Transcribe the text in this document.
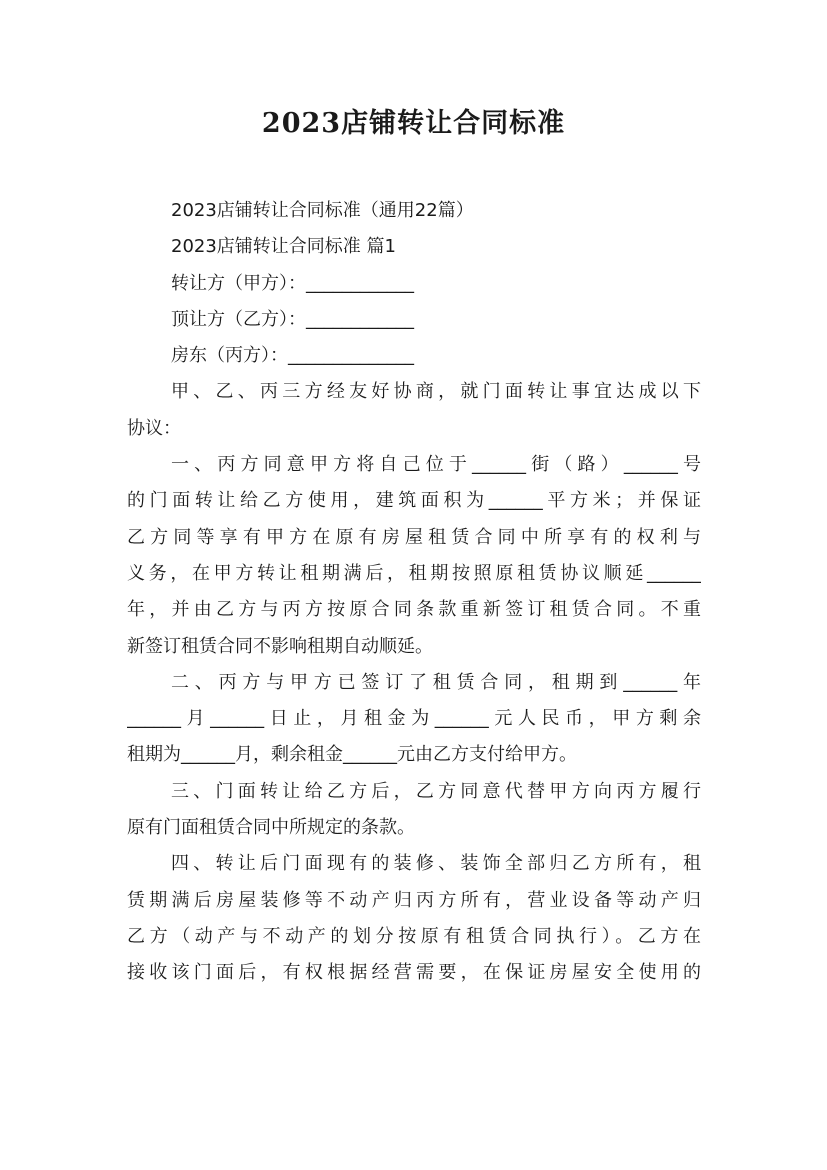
2023店铺转让合同标准
2023店铺转让合同标准（通用22篇）
2023店铺转让合同标准 篇1
转让方（甲方）：____________
顶让方（乙方）：____________
房东（丙方）：______________
甲、乙、丙三方经友好协商，就门面转让事宜达成以下
协议：
一、丙方同意甲方将自己位于______街（路）______号
的门面转让给乙方使用，建筑面积为______平方米；并保证
乙方同等享有甲方在原有房屋租赁合同中所享有的权利与
义务，在甲方转让租期满后，租期按照原租赁协议顺延______
年，并由乙方与丙方按原合同条款重新签订租赁合同。不重
新签订租赁合同不影响租期自动顺延。
二、丙方与甲方已签订了租赁合同，租期到______年
______月______日止，月租金为______元人民币，甲方剩余
租期为______月，剩余租金______元由乙方支付给甲方。
三、门面转让给乙方后，乙方同意代替甲方向丙方履行
原有门面租赁合同中所规定的条款。
四、转让后门面现有的装修、装饰全部归乙方所有，租
赁期满后房屋装修等不动产归丙方所有，营业设备等动产归
乙方（动产与不动产的划分按原有租赁合同执行）。乙方在
接收该门面后，有权根据经营需要，在保证房屋安全使用的
